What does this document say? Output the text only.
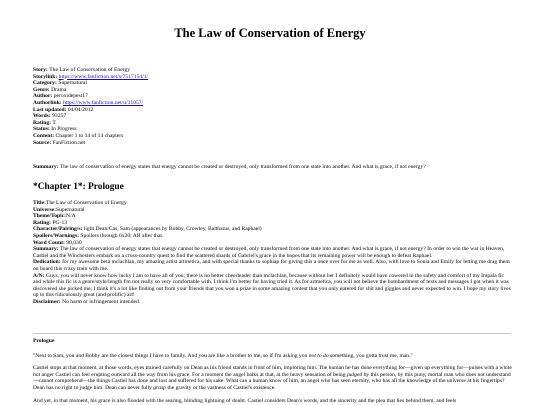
The Law of Conservation of Energy
Story: The Law of Conservation of Energy
Storylink: https://www.fanfiction.net/s/7517154/1/
Category: Supernatural
Genre: Drama
Author: peroxidepest17
Authorlink: https://www.fanfiction.net/u/31057/
Last updated: 04/04/2012
Words: 93257
Rating: T
Status: In Progress
Content: Chapter 1 to 14 of 14 chapters
Source: FanFiction.net
Summary: The law of conservation of energy states that energy cannot be created or destroyed, only transformed from one state into another. And what is grace, if not energy?
*Chapter 1*: Prologue
Title:The Law of Conservation of Energy
Universe:Supernatural
Theme/Topic:N/A
Rating: PG-13
Character/Pairing/s: light Dean/Cas, Sam (appearances by Bobby, Crowley, Balthazar, and Raphael)
Spoilers/Warnings: Spoilers through 6x20; AR after that.
Word Count: 90,030
Summary: The law of conservation of energy states that energy cannot be created or destroyed, only transformed from one state into another. And what is grace, if not energy? In order to win the war in Heaven, Castiel and the Winchesters embark on a cross-country quest to find the scattered shards of Gabriel's grace in the hopes that its remaining power will be enough to defeat Raphael.
Dedication: for my awesome beta mclachlan, my amazing artist artmetica, and with special thanks to sophiap for giving this a once over for me as well. Also, with love to Sonia and Emily for letting me drag them on board this crazy train with me.
A/N: Guys, you will never know how lucky I am to have all of you; there is no better cheerleader than mclachlan, because without her I definitely would have cowered in the safety and comfort of my Impala fic and while this fic is a genre/style/length I'm not really so very comfortable with, I think I'm better for having tried it. As for artmetica, you will not believe the bombardment of texts and messages I got when it was discovered she picked me; I think it's a lot like finding out from your friends that you won a prize in some amazing contest that you only entered for shit and giggles and never expected to win. I hope my story lives up to this ridiculously great (and prolific) art!
Disclaimer: No harm or infringement intended.
Prologue
"Next to Sam, you and Bobby are the closest things I have to family. And you are like a brother to me, so if I'm asking you not to do something, you gotta trust me, man."
Castiel stops at that moment, at those words, eyes trained carefully on Dean as his friend stands in front of him, imploring him. The human he has done everything for—given up everything for—pulses with a white hot anger Castiel can feel erupting outward all the way from his grace. For a moment the angel balks at that, at the heavy sensation of being judged by this person, by this puny, mortal man who does not understand—cannot comprehend—the things Castiel has done and lost and suffered for his sake. What can a human know of him, an angel who has seen eternity, who has all the knowledge of the universe at his fingertips? Dean has no right to judge him. Dean can never fully grasp the gravity or the vastness of Castiel's existence.
And yet, in that moment, his grace is also flooded with the searing, blinding lightning of doubt. Castiel considers Dean's words, and the sincerity and the plea that lies behind them, and feels
